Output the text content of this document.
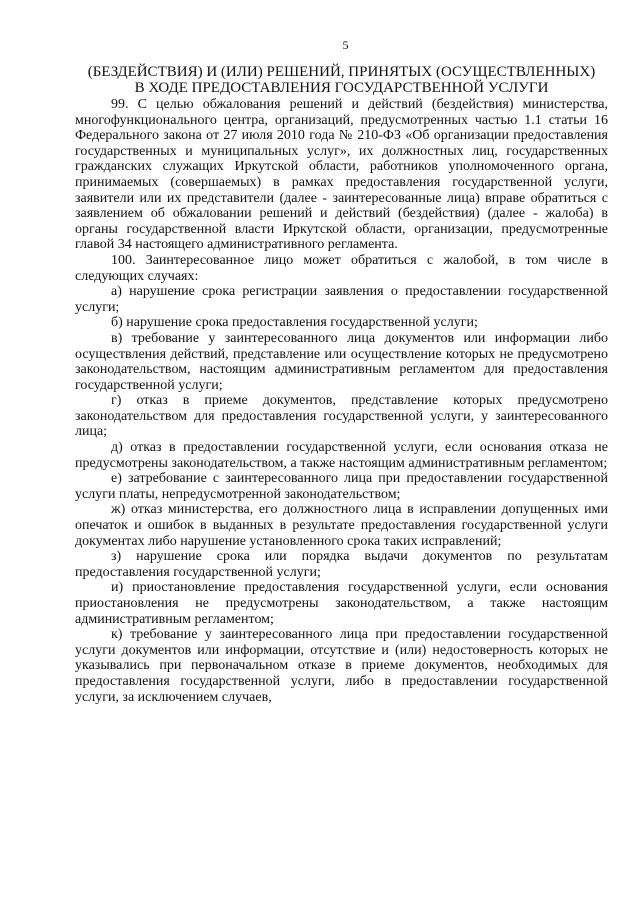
5
(БЕЗДЕЙСТВИЯ) И (ИЛИ) РЕШЕНИЙ, ПРИНЯТЫХ (ОСУЩЕСТВЛЕННЫХ)
В ХОДЕ ПРЕДОСТАВЛЕНИЯ ГОСУДАРСТВЕННОЙ УСЛУГИ

99. С целью обжалования решений и действий (бездействия) министерства, многофункционального центра, организаций, предусмотренных частью 1.1 статьи 16 Федерального закона от 27 июля 2010 года № 210-ФЗ «Об организации предоставления государственных и муниципальных услуг», их должностных лиц, государственных гражданских служащих Иркутской области, работников уполномоченного органа, принимаемых (совершаемых) в рамках предоставления государственной услуги, заявители или их представители (далее - заинтересованные лица) вправе обратиться с заявлением об обжаловании решений и действий (бездействия) (далее - жалоба) в органы государственной власти Иркутской области, организации, предусмотренные главой 34 настоящего административного регламента.

100. Заинтересованное лицо может обратиться с жалобой, в том числе в следующих случаях:

а) нарушение срока регистрации заявления о предоставлении государственной услуги;

б) нарушение срока предоставления государственной услуги;

в) требование у заинтересованного лица документов или информации либо осуществления действий, представление или осуществление которых не предусмотрено законодательством, настоящим административным регламентом для предоставления государственной услуги;

г) отказ в приеме документов, представление которых предусмотрено законодательством для предоставления государственной услуги, у заинтересованного лица;

д) отказ в предоставлении государственной услуги, если основания отказа не предусмотрены законодательством, а также настоящим административным регламентом;

е) затребование с заинтересованного лица при предоставлении государственной услуги платы, непредусмотренной законодательством;

ж) отказ министерства, его должностного лица в исправлении допущенных ими опечаток и ошибок в выданных в результате предоставления государственной услуги документах либо нарушение установленного срока таких исправлений;

з) нарушение срока или порядка выдачи документов по результатам предоставления государственной услуги;

и) приостановление предоставления государственной услуги, если основания приостановления не предусмотрены законодательством, а также настоящим административным регламентом;

к) требование у заинтересованного лица при предоставлении государственной услуги документов или информации, отсутствие и (или) недостоверность которых не указывались при первоначальном отказе в приеме документов, необходимых для предоставления государственной услуги, либо в предоставлении государственной услуги, за исключением случаев,
